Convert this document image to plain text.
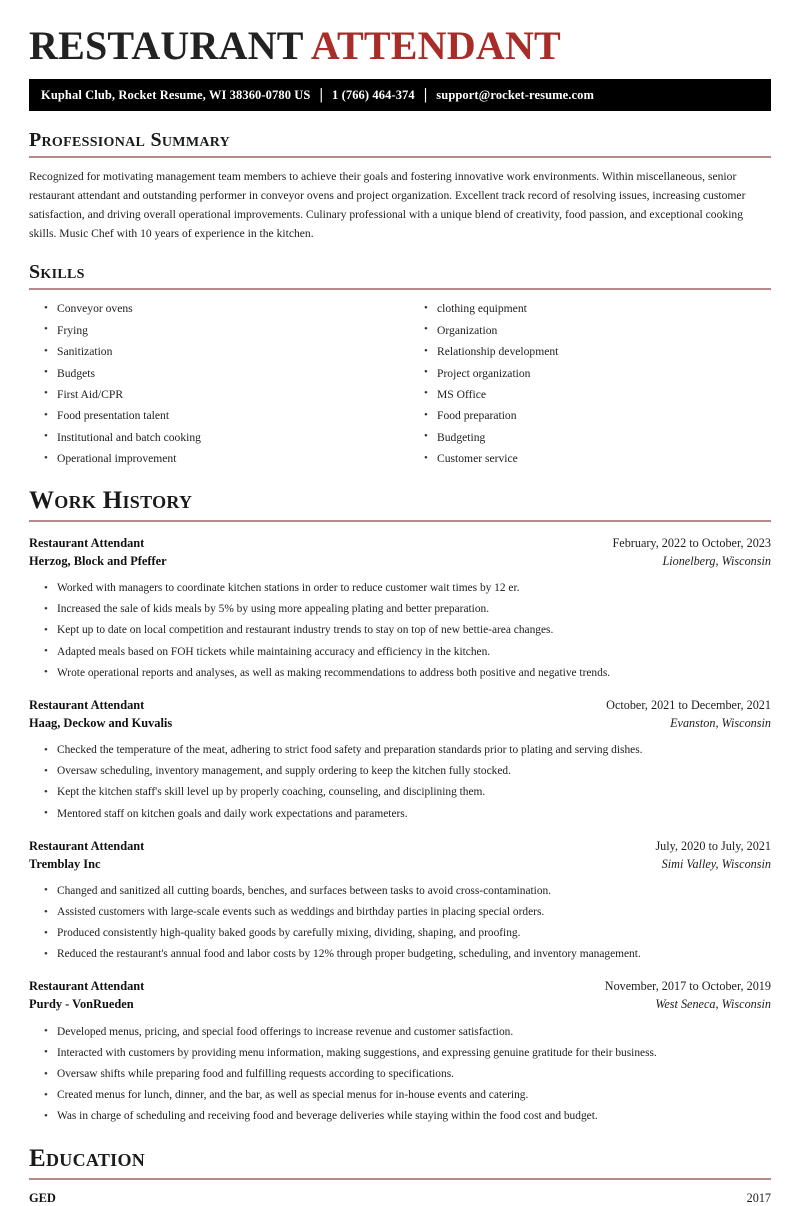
RESTAURANT ATTENDANT
Kuphal Club, Rocket Resume, WI 38360-0780 US | 1 (766) 464-374 | support@rocket-resume.com
Professional Summary

Recognized for motivating management team members to achieve their goals and fostering innovative work environments. Within miscellaneous, senior restaurant attendant and outstanding performer in conveyor ovens and project organization. Excellent track record of resolving issues, increasing customer satisfaction, and driving overall operational improvements. Culinary professional with a unique blend of creativity, food passion, and exceptional cooking skills. Music Chef with 10 years of experience in the kitchen.

Skills
• Conveyor ovens
• Frying
• Sanitization
• Budgets
• First Aid/CPR
• Food presentation talent
• Institutional and batch cooking
• Operational improvement
• clothing equipment
• Organization
• Relationship development
• Project organization
• MS Office
• Food preparation
• Budgeting
• Customer service
Work History
Restaurant Attendant	February, 2022 to October, 2023
Herzog, Block and Pfeffer	Lionelberg, Wisconsin
• Worked with managers to coordinate kitchen stations in order to reduce customer wait times by 12 er.
• Increased the sale of kids meals by 5% by using more appealing plating and better preparation.
• Kept up to date on local competition and restaurant industry trends to stay on top of new bettie-area changes.
• Adapted meals based on FOH tickets while maintaining accuracy and efficiency in the kitchen.
• Wrote operational reports and analyses, as well as making recommendations to address both positive and negative trends.
Restaurant Attendant	October, 2021 to December, 2021
Haag, Deckow and Kuvalis	Evanston, Wisconsin
• Checked the temperature of the meat, adhering to strict food safety and preparation standards prior to plating and serving dishes.
• Oversaw scheduling, inventory management, and supply ordering to keep the kitchen fully stocked.
• Kept the kitchen staff's skill level up by properly coaching, counseling, and disciplining them.
• Mentored staff on kitchen goals and daily work expectations and parameters.
Restaurant Attendant	July, 2020 to July, 2021
Tremblay Inc	Simi Valley, Wisconsin
• Changed and sanitized all cutting boards, benches, and surfaces between tasks to avoid cross-contamination.
• Assisted customers with large-scale events such as weddings and birthday parties in placing special orders.
• Produced consistently high-quality baked goods by carefully mixing, dividing, shaping, and proofing.
• Reduced the restaurant's annual food and labor costs by 12% through proper budgeting, scheduling, and inventory management.
Restaurant Attendant	November, 2017 to October, 2019
Purdy - VonRueden	West Seneca, Wisconsin
• Developed menus, pricing, and special food offerings to increase revenue and customer satisfaction.
• Interacted with customers by providing menu information, making suggestions, and expressing genuine gratitude for their business.
• Oversaw shifts while preparing food and fulfilling requests according to specifications.
• Created menus for lunch, dinner, and the bar, as well as special menus for in-house events and catering.
• Was in charge of scheduling and receiving food and beverage deliveries while staying within the food cost and budget.
Education
GED	2017
